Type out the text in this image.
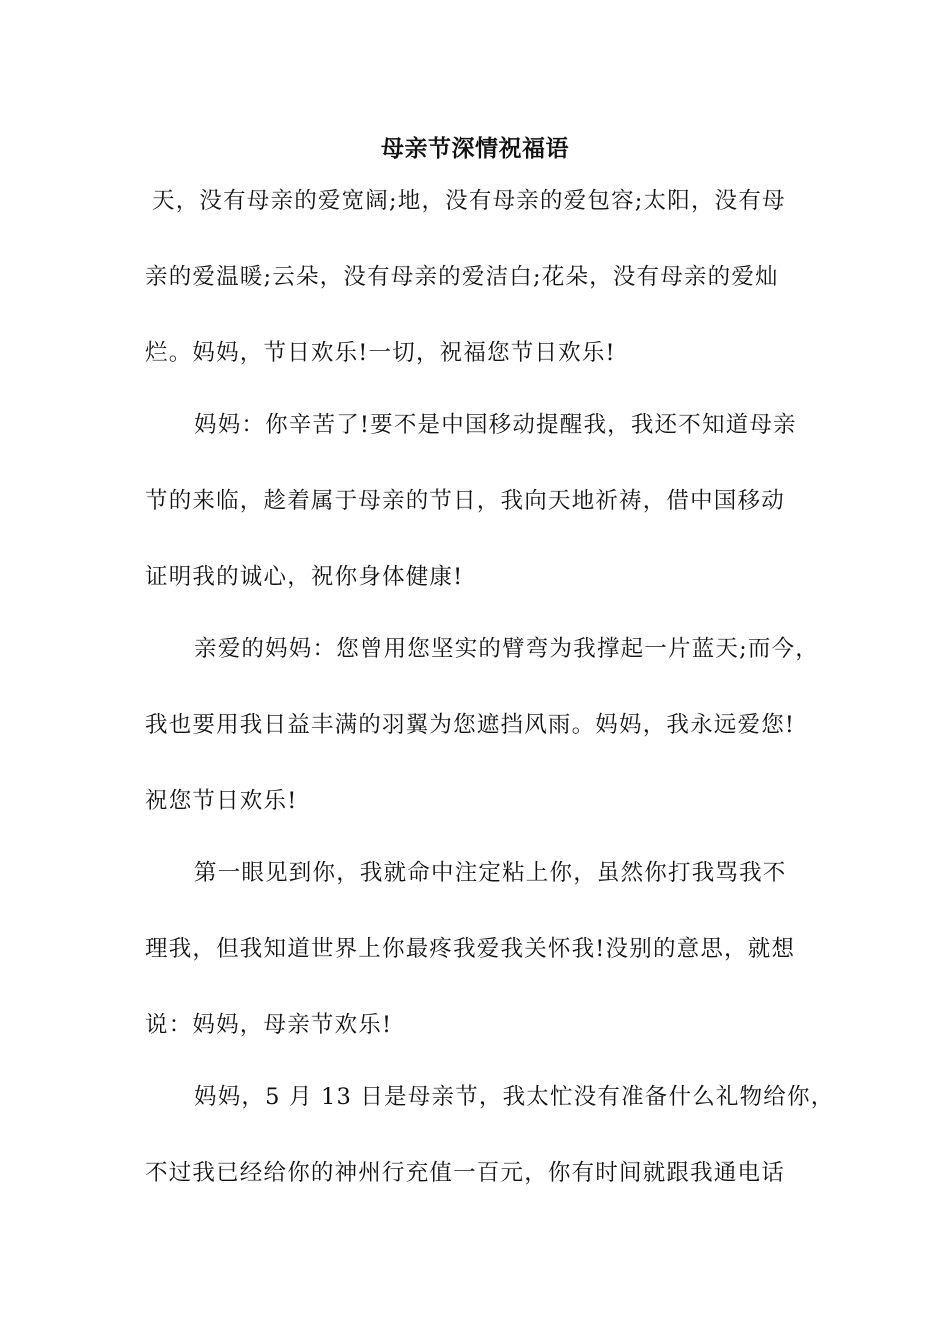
母亲节深情祝福语
天，没有母亲的爱宽阔;地，没有母亲的爱包容;太阳，没有母
亲的爱温暖;云朵，没有母亲的爱洁白;花朵，没有母亲的爱灿
烂。妈妈，节日欢乐!一切，祝福您节日欢乐!
妈妈：你辛苦了!要不是中国移动提醒我，我还不知道母亲
节的来临，趁着属于母亲的节日，我向天地祈祷，借中国移动
证明我的诚心，祝你身体健康!
亲爱的妈妈：您曾用您坚实的臂弯为我撑起一片蓝天;而今，
我也要用我日益丰满的羽翼为您遮挡风雨。妈妈，我永远爱您!
祝您节日欢乐!
第一眼见到你，我就命中注定粘上你，虽然你打我骂我不
理我，但我知道世界上你最疼我爱我关怀我!没别的意思，就想
说：妈妈，母亲节欢乐!
妈妈，5 月 13 日是母亲节，我太忙没有准备什么礼物给你，
不过我已经给你的神州行充值一百元，你有时间就跟我通电话
